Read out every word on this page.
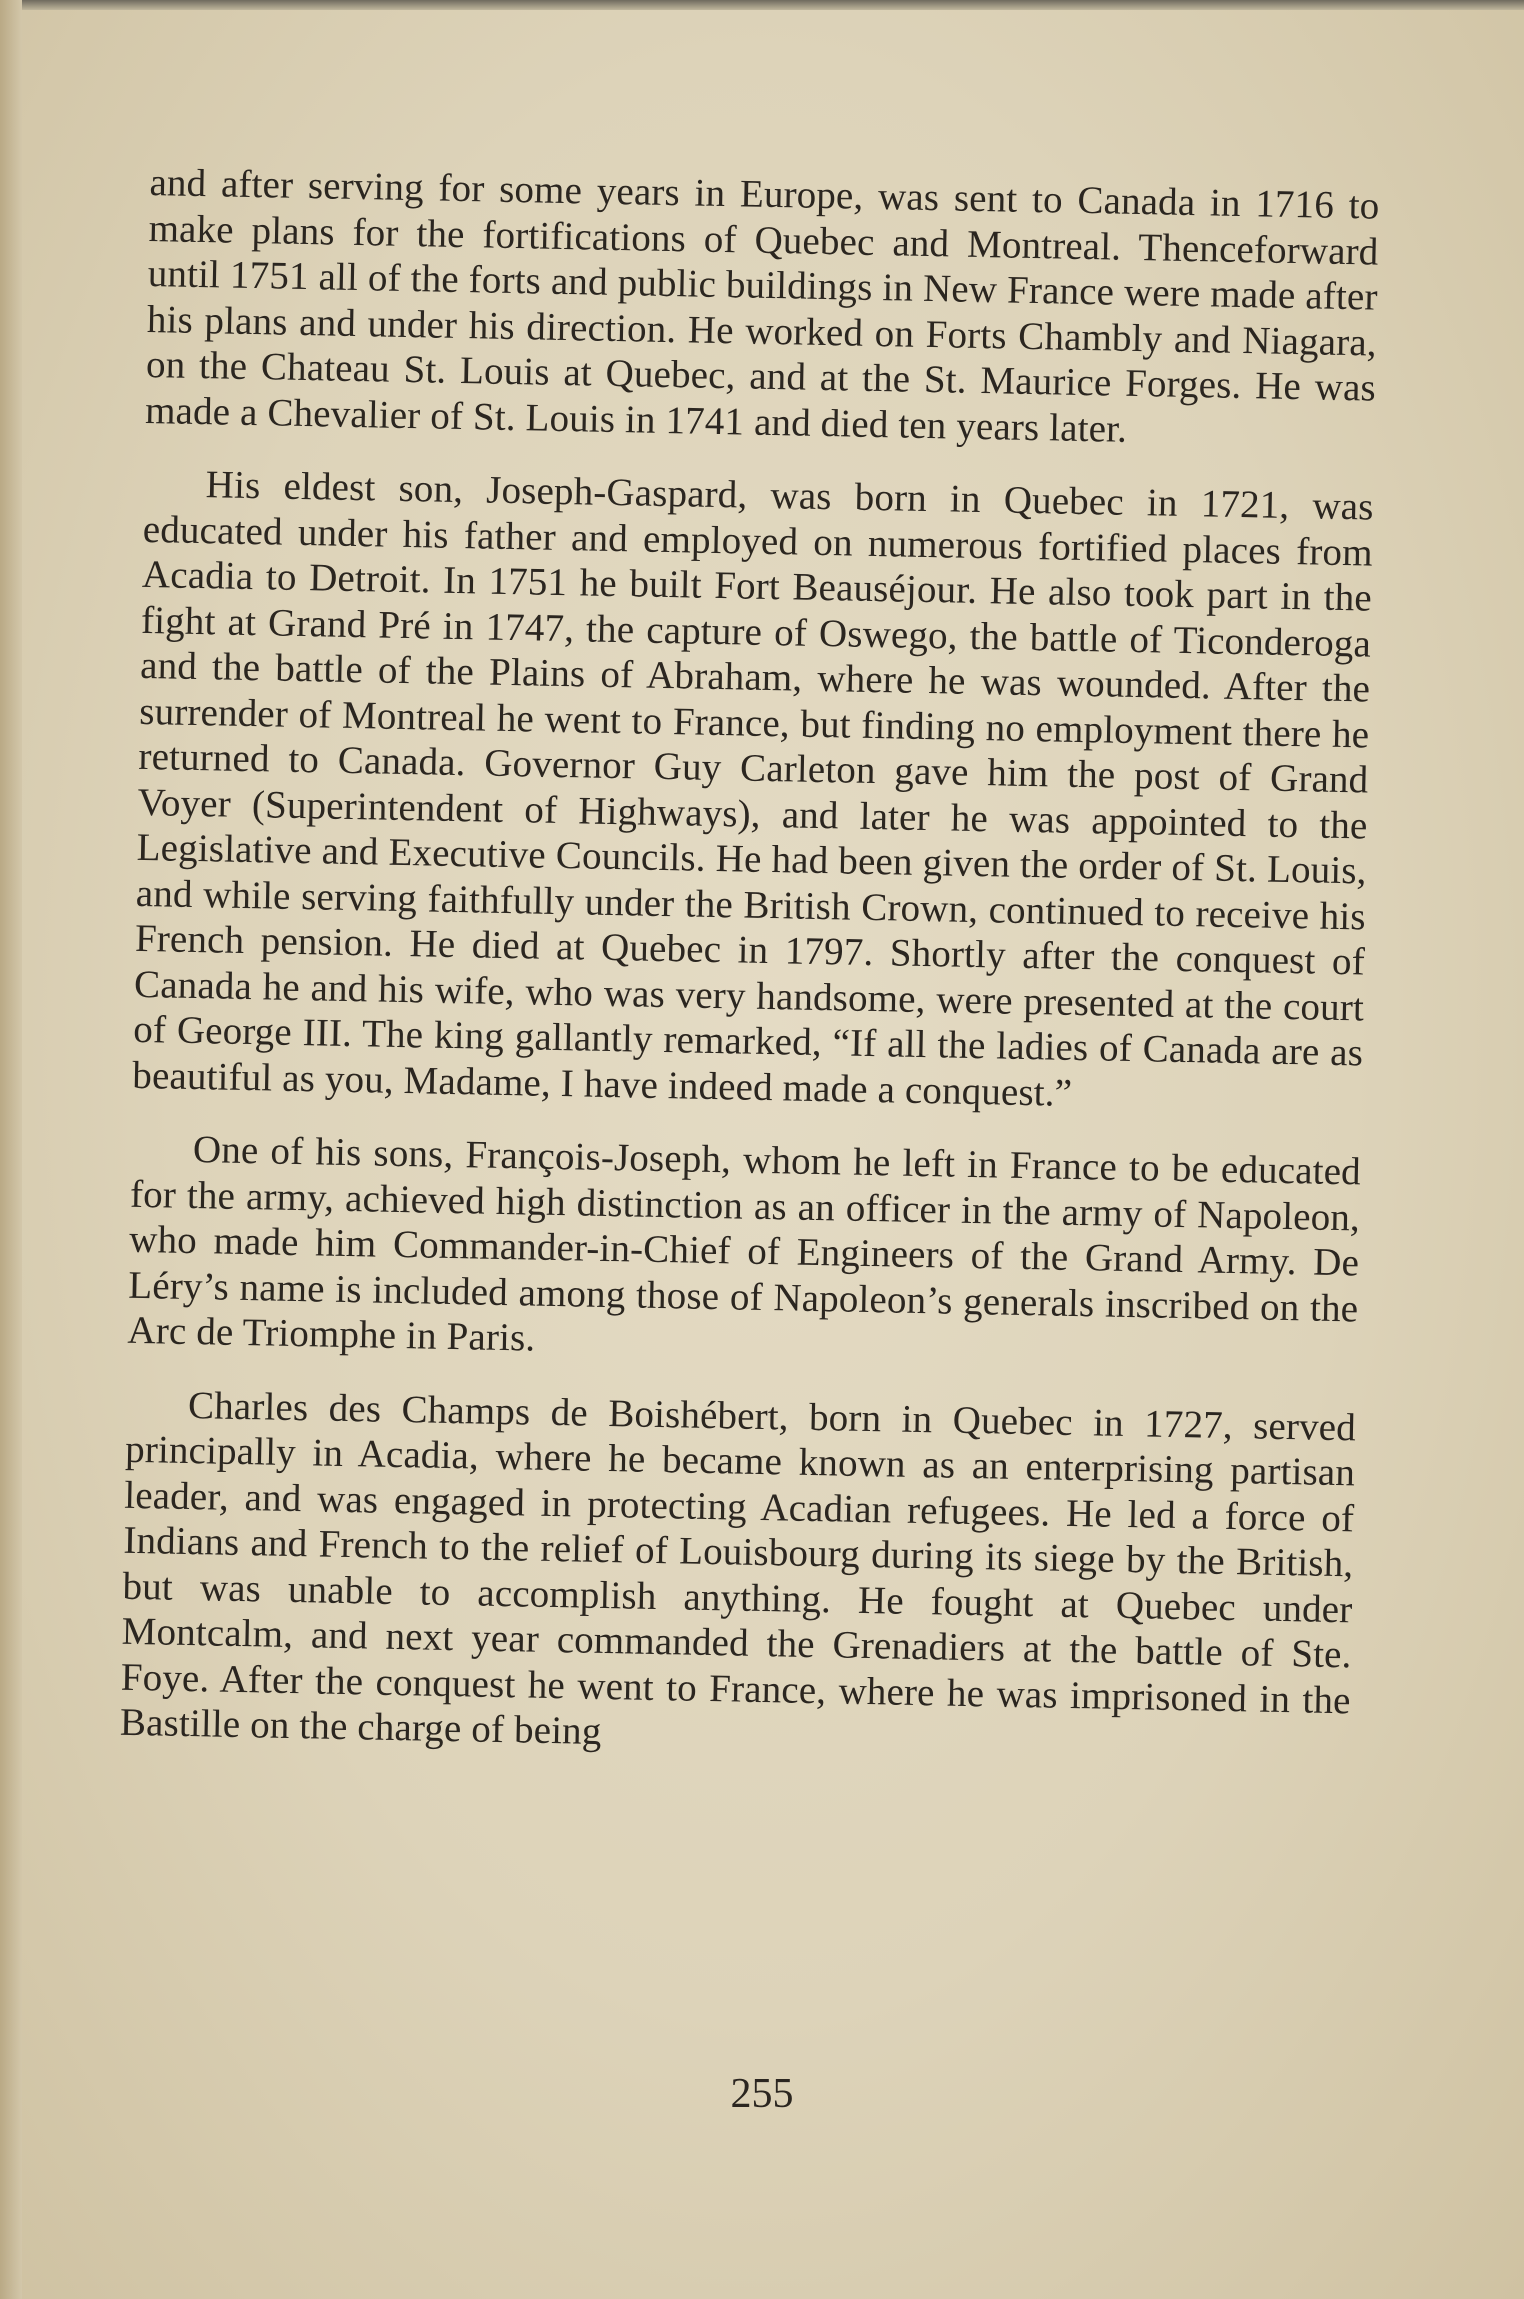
and after serving for some years in Europe, was sent to Canada in 1716 to make plans for the fortifications of Quebec and Montreal. Thenceforward until 1751 all of the forts and public buildings in New France were made after his plans and under his direction. He worked on Forts Chambly and Niagara, on the Chateau St. Louis at Quebec, and at the St. Maurice Forges. He was made a Chevalier of St. Louis in 1741 and died ten years later.

His eldest son, Joseph-Gaspard, was born in Quebec in 1721, was educated under his father and employed on numerous fortified places from Acadia to Detroit. In 1751 he built Fort Beauséjour. He also took part in the fight at Grand Pré in 1747, the capture of Oswego, the battle of Ticonderoga and the battle of the Plains of Abraham, where he was wounded. After the surrender of Montreal he went to France, but finding no employment there he returned to Canada. Governor Guy Carleton gave him the post of Grand Voyer (Superintendent of Highways), and later he was appointed to the Legislative and Executive Councils. He had been given the order of St. Louis, and while serving faithfully under the British Crown, continued to receive his French pension. He died at Quebec in 1797. Shortly after the conquest of Canada he and his wife, who was very handsome, were presented at the court of George III. The king gallantly remarked, “If all the ladies of Canada are as beautiful as you, Madame, I have indeed made a conquest.”

One of his sons, François-Joseph, whom he left in France to be educated for the army, achieved high distinction as an officer in the army of Napoleon, who made him Commander-in-Chief of Engineers of the Grand Army. De Léry’s name is included among those of Napoleon’s generals inscribed on the Arc de Triomphe in Paris.

Charles des Champs de Boishébert, born in Quebec in 1727, served principally in Acadia, where he became known as an enterprising partisan leader, and was engaged in protecting Acadian refugees. He led a force of Indians and French to the relief of Louisbourg during its siege by the British, but was unable to accomplish anything. He fought at Quebec under Montcalm, and next year commanded the Grenadiers at the battle of Ste. Foye. After the conquest he went to France, where he was imprisoned in the Bastille on the charge of being

255
